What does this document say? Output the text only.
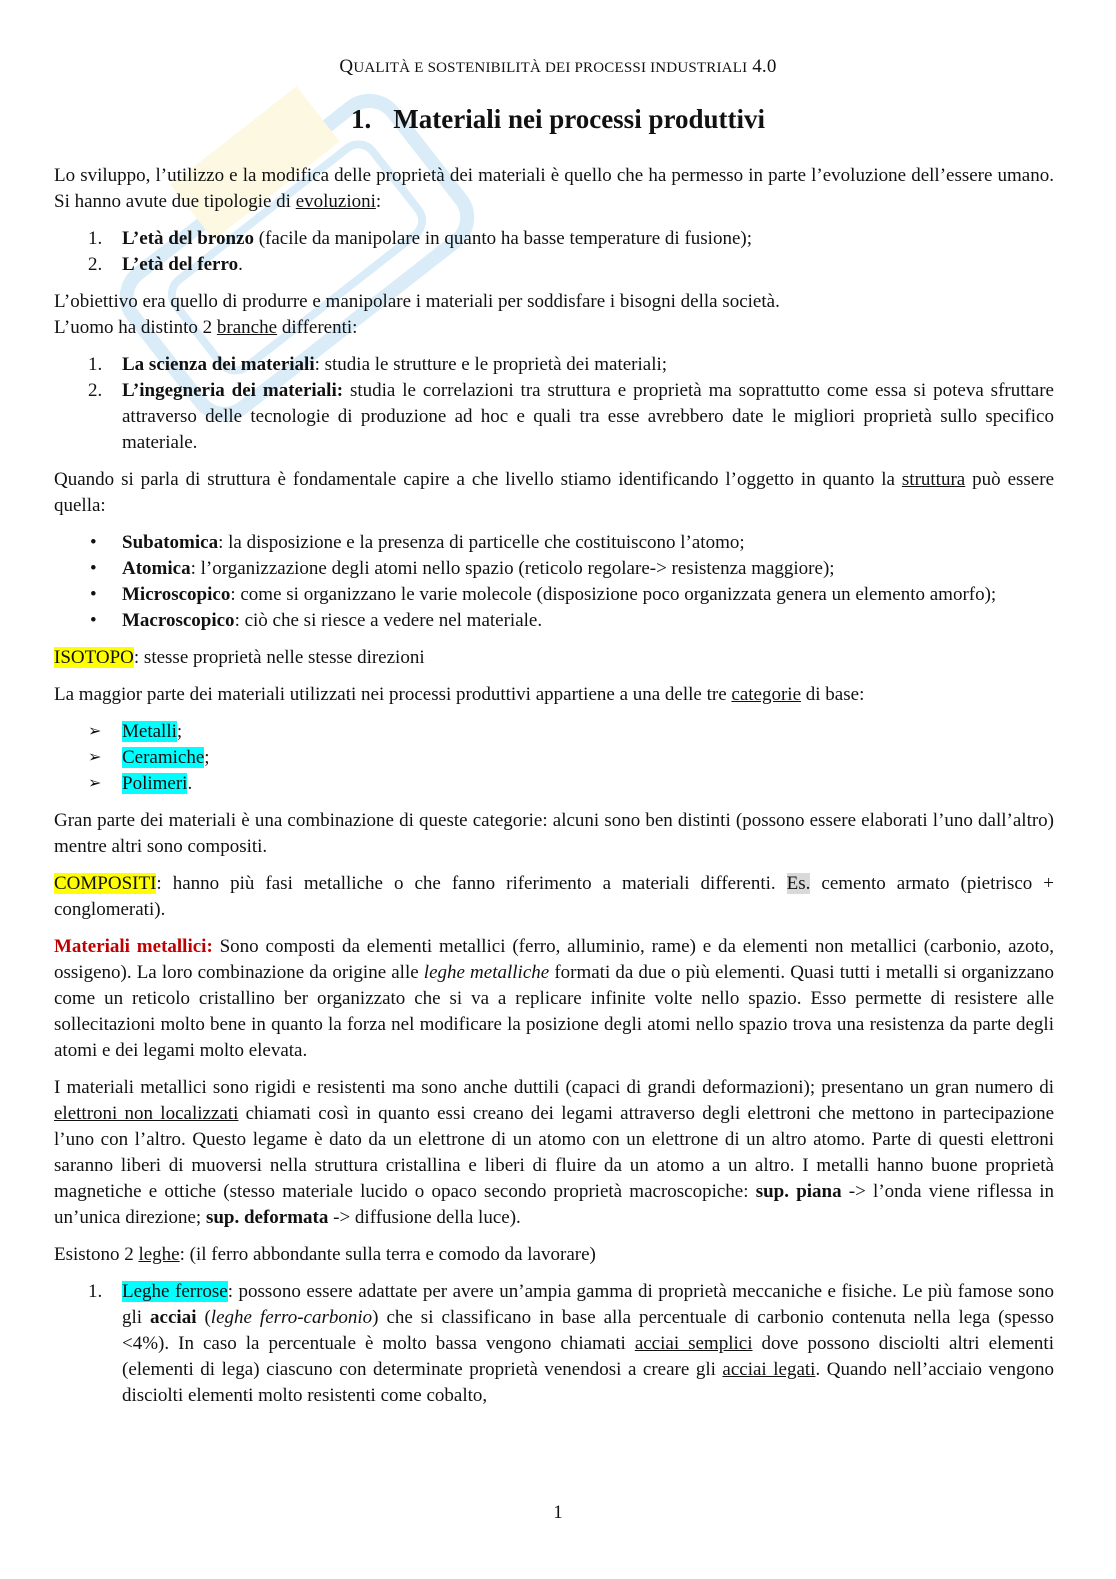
QUALITÀ E SOSTENIBILITÀ DEI PROCESSI INDUSTRIALI 4.0
1. Materiali nei processi produttivi

Lo sviluppo, l’utilizzo e la modifica delle proprietà dei materiali è quello che ha permesso in parte l’evoluzione dell’essere umano. Si hanno avute due tipologie di evoluzioni:

1. L’età del bronzo (facile da manipolare in quanto ha basse temperature di fusione);
2. L’età del ferro.

L’obiettivo era quello di produrre e manipolare i materiali per soddisfare i bisogni della società.
L’uomo ha distinto 2 branche differenti:

1. La scienza dei materiali: studia le strutture e le proprietà dei materiali;
2. L’ingegneria dei materiali: studia le correlazioni tra struttura e proprietà ma soprattutto come essa si poteva sfruttare attraverso delle tecnologie di produzione ad hoc e quali tra esse avrebbero date le migliori proprietà sullo specifico materiale.

Quando si parla di struttura è fondamentale capire a che livello stiamo identificando l’oggetto in quanto la struttura può essere quella:

• Subatomica: la disposizione e la presenza di particelle che costituiscono l’atomo;
• Atomica: l’organizzazione degli atomi nello spazio (reticolo regolare-> resistenza maggiore);
• Microscopico: come si organizzano le varie molecole (disposizione poco organizzata genera un elemento amorfo);
• Macroscopico: ciò che si riesce a vedere nel materiale.

ISOTOPO: stesse proprietà nelle stesse direzioni

La maggior parte dei materiali utilizzati nei processi produttivi appartiene a una delle tre categorie di base:

➢ Metalli;
➢ Ceramiche;
➢ Polimeri.

Gran parte dei materiali è una combinazione di queste categorie: alcuni sono ben distinti (possono essere elaborati l’uno dall’altro) mentre altri sono compositi.

COMPOSITI: hanno più fasi metalliche o che fanno riferimento a materiali differenti. Es. cemento armato (pietrisco + conglomerati).

Materiali metallici: Sono composti da elementi metallici (ferro, alluminio, rame) e da elementi non metallici (carbonio, azoto, ossigeno). La loro combinazione da origine alle leghe metalliche formati da due o più elementi. Quasi tutti i metalli si organizzano come un reticolo cristallino ber organizzato che si va a replicare infinite volte nello spazio. Esso permette di resistere alle sollecitazioni molto bene in quanto la forza nel modificare la posizione degli atomi nello spazio trova una resistenza da parte degli atomi e dei legami molto elevata.

I materiali metallici sono rigidi e resistenti ma sono anche duttili (capaci di grandi deformazioni); presentano un gran numero di elettroni non localizzati chiamati così in quanto essi creano dei legami attraverso degli elettroni che mettono in partecipazione l’uno con l’altro. Questo legame è dato da un elettrone di un atomo con un elettrone di un altro atomo. Parte di questi elettroni saranno liberi di muoversi nella struttura cristallina e liberi di fluire da un atomo a un altro. I metalli hanno buone proprietà magnetiche e ottiche (stesso materiale lucido o opaco secondo proprietà macroscopiche: sup. piana -> l’onda viene riflessa in un’unica direzione; sup. deformata -> diffusione della luce).

Esistono 2 leghe: (il ferro abbondante sulla terra e comodo da lavorare)

1. Leghe ferrose: possono essere adattate per avere un’ampia gamma di proprietà meccaniche e fisiche. Le più famose sono gli acciai (leghe ferro-carbonio) che si classificano in base alla percentuale di carbonio contenuta nella lega (spesso <4%). In caso la percentuale è molto bassa vengono chiamati acciai semplici dove possono disciolti altri elementi (elementi di lega) ciascuno con determinate proprietà venendosi a creare gli acciai legati. Quando nell’acciaio vengono disciolti elementi molto resistenti come cobalto,
1
